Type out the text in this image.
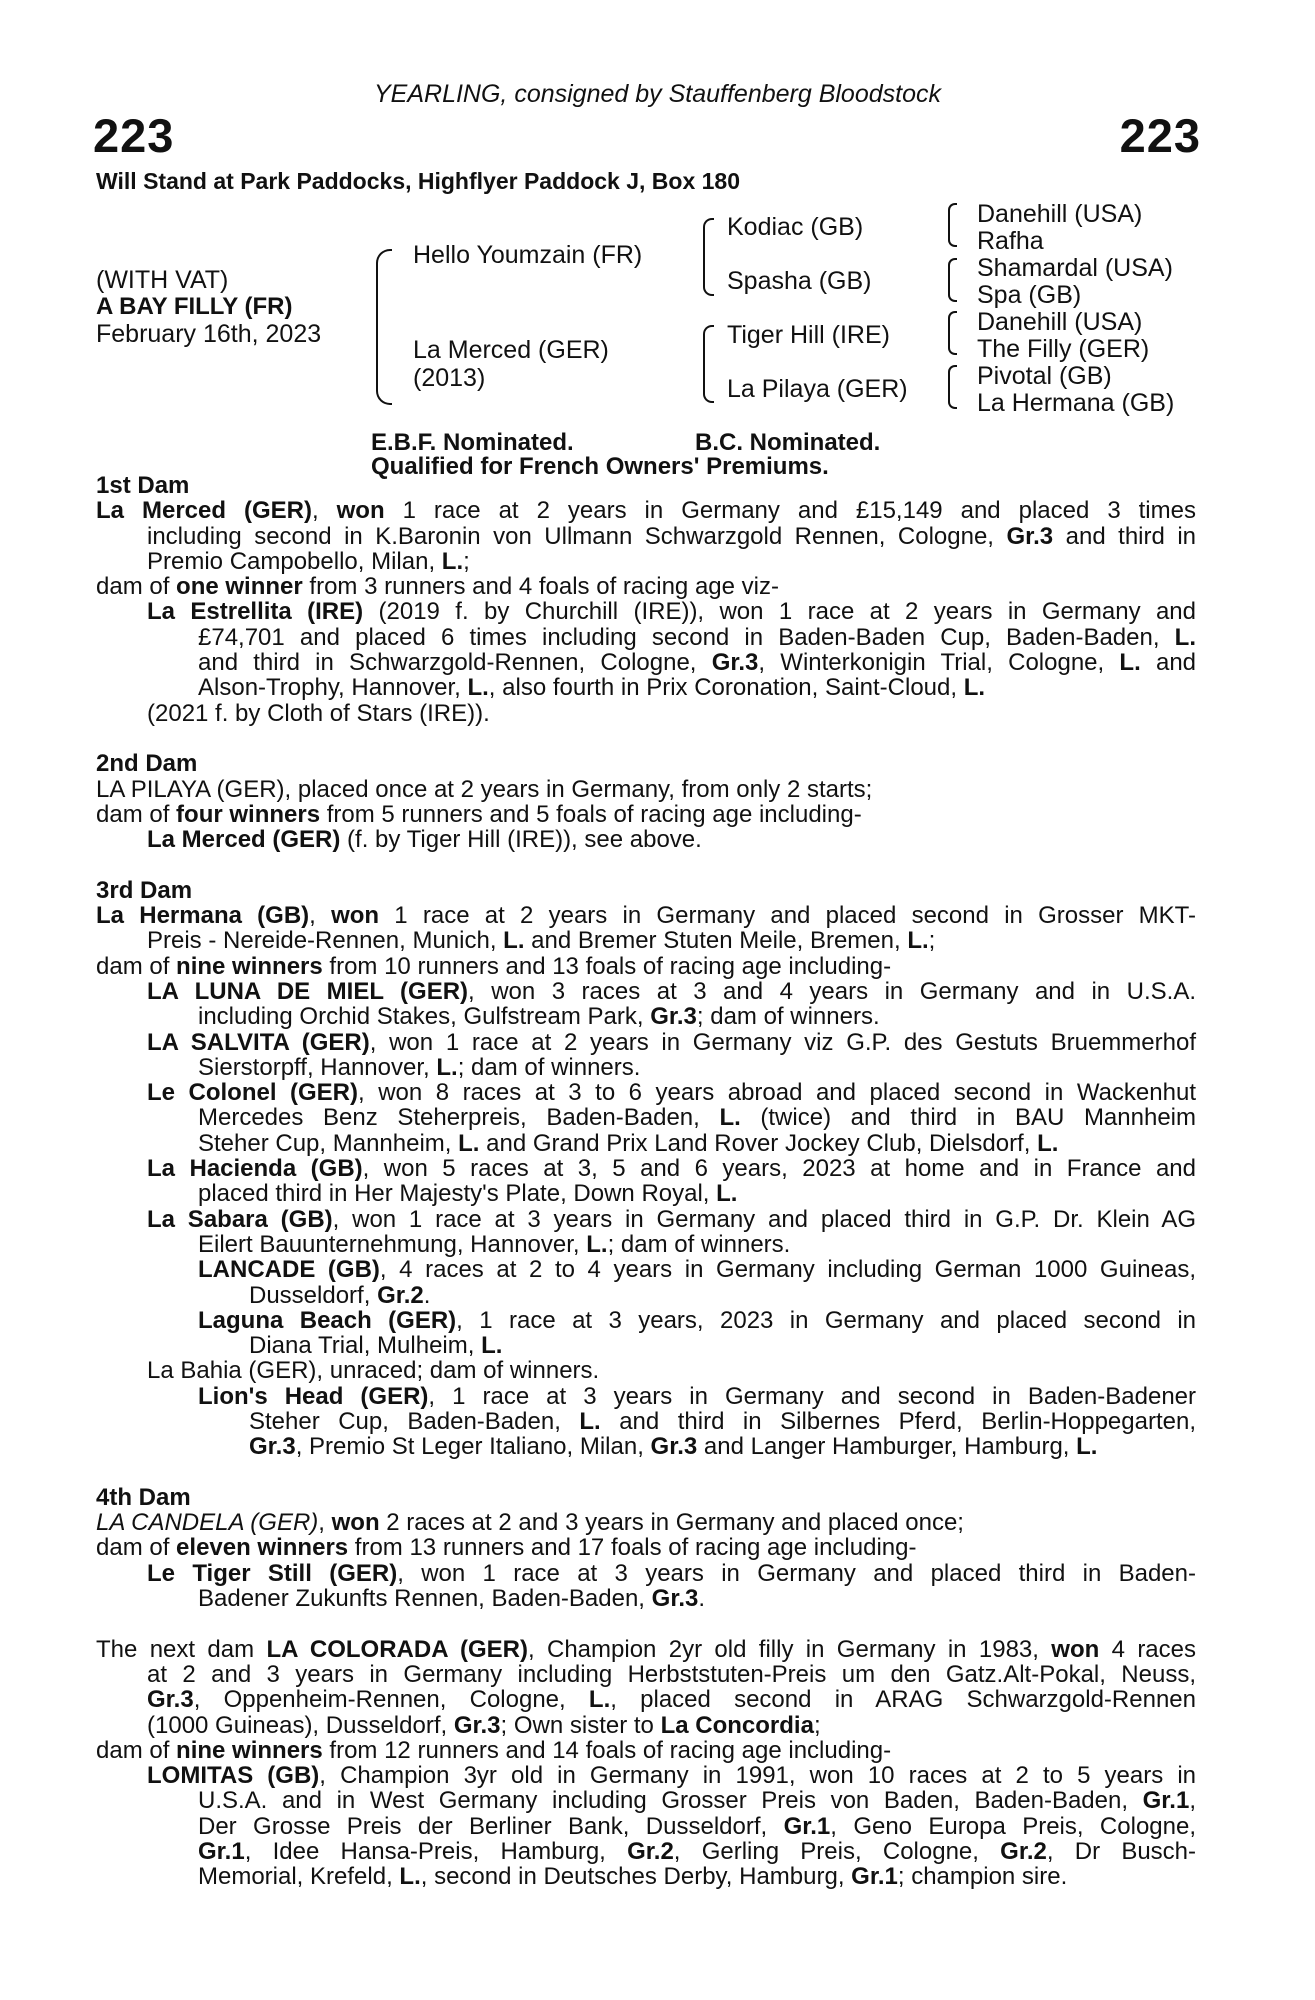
YEARLING, consigned by Stauffenberg Bloodstock
223	223
Will Stand at Park Paddocks, Highflyer Paddock J, Box 180
(WITH VAT)
A BAY FILLY (FR)
February 16th, 2023
Hello Youmzain (FR)
La Merced (GER)
(2013)
Kodiac (GB)
Spasha (GB)
Tiger Hill (IRE)
La Pilaya (GER)
Danehill (USA)
Rafha
Shamardal (USA)
Spa (GB)
Danehill (USA)
The Filly (GER)
Pivotal (GB)
La Hermana (GB)
E.B.F. Nominated.	B.C. Nominated.
Qualified for French Owners' Premiums.

1st Dam

La Merced (GER), won 1 race at 2 years in Germany and £15,149 and placed 3 times

including second in K.Baronin von Ullmann Schwarzgold Rennen, Cologne, Gr.3 and third in

Premio Campobello, Milan, L.;

dam of one winner from 3 runners and 4 foals of racing age viz-

La Estrellita (IRE) (2019 f. by Churchill (IRE)), won 1 race at 2 years in Germany and

£74,701 and placed 6 times including second in Baden-Baden Cup, Baden-Baden, L.

and third in Schwarzgold-Rennen, Cologne, Gr.3, Winterkonigin Trial, Cologne, L. and

Alson-Trophy, Hannover, L., also fourth in Prix Coronation, Saint-Cloud, L.

(2021 f. by Cloth of Stars (IRE)).

2nd Dam

LA PILAYA (GER), placed once at 2 years in Germany, from only 2 starts;

dam of four winners from 5 runners and 5 foals of racing age including-

La Merced (GER) (f. by Tiger Hill (IRE)), see above.

3rd Dam

La Hermana (GB), won 1 race at 2 years in Germany and placed second in Grosser MKT-

Preis - Nereide-Rennen, Munich, L. and Bremer Stuten Meile, Bremen, L.;

dam of nine winners from 10 runners and 13 foals of racing age including-

LA LUNA DE MIEL (GER), won 3 races at 3 and 4 years in Germany and in U.S.A.

including Orchid Stakes, Gulfstream Park, Gr.3; dam of winners.

LA SALVITA (GER), won 1 race at 2 years in Germany viz G.P. des Gestuts Bruemmerhof

Sierstorpff, Hannover, L.; dam of winners.

Le Colonel (GER), won 8 races at 3 to 6 years abroad and placed second in Wackenhut

Mercedes Benz Steherpreis, Baden-Baden, L. (twice) and third in BAU Mannheim

Steher Cup, Mannheim, L. and Grand Prix Land Rover Jockey Club, Dielsdorf, L.

La Hacienda (GB), won 5 races at 3, 5 and 6 years, 2023 at home and in France and

placed third in Her Majesty's Plate, Down Royal, L.

La Sabara (GB), won 1 race at 3 years in Germany and placed third in G.P. Dr. Klein AG

Eilert Bauunternehmung, Hannover, L.; dam of winners.

LANCADE (GB), 4 races at 2 to 4 years in Germany including German 1000 Guineas,

Dusseldorf, Gr.2.

Laguna Beach (GER), 1 race at 3 years, 2023 in Germany and placed second in

Diana Trial, Mulheim, L.

La Bahia (GER), unraced; dam of winners.

Lion's Head (GER), 1 race at 3 years in Germany and second in Baden-Badener

Steher Cup, Baden-Baden, L. and third in Silbernes Pferd, Berlin-Hoppegarten,

Gr.3, Premio St Leger Italiano, Milan, Gr.3 and Langer Hamburger, Hamburg, L.

4th Dam

LA CANDELA (GER), won 2 races at 2 and 3 years in Germany and placed once;

dam of eleven winners from 13 runners and 17 foals of racing age including-

Le Tiger Still (GER), won 1 race at 3 years in Germany and placed third in Baden-

Badener Zukunfts Rennen, Baden-Baden, Gr.3.

The next dam LA COLORADA (GER), Champion 2yr old filly in Germany in 1983, won 4 races

at 2 and 3 years in Germany including Herbststuten-Preis um den Gatz.Alt-Pokal, Neuss,

Gr.3, Oppenheim-Rennen, Cologne, L., placed second in ARAG Schwarzgold-Rennen

(1000 Guineas), Dusseldorf, Gr.3; Own sister to La Concordia;

dam of nine winners from 12 runners and 14 foals of racing age including-

LOMITAS (GB), Champion 3yr old in Germany in 1991, won 10 races at 2 to 5 years in

U.S.A. and in West Germany including Grosser Preis von Baden, Baden-Baden, Gr.1,

Der Grosse Preis der Berliner Bank, Dusseldorf, Gr.1, Geno Europa Preis, Cologne,

Gr.1, Idee Hansa-Preis, Hamburg, Gr.2, Gerling Preis, Cologne, Gr.2, Dr Busch-

Memorial, Krefeld, L., second in Deutsches Derby, Hamburg, Gr.1; champion sire.
